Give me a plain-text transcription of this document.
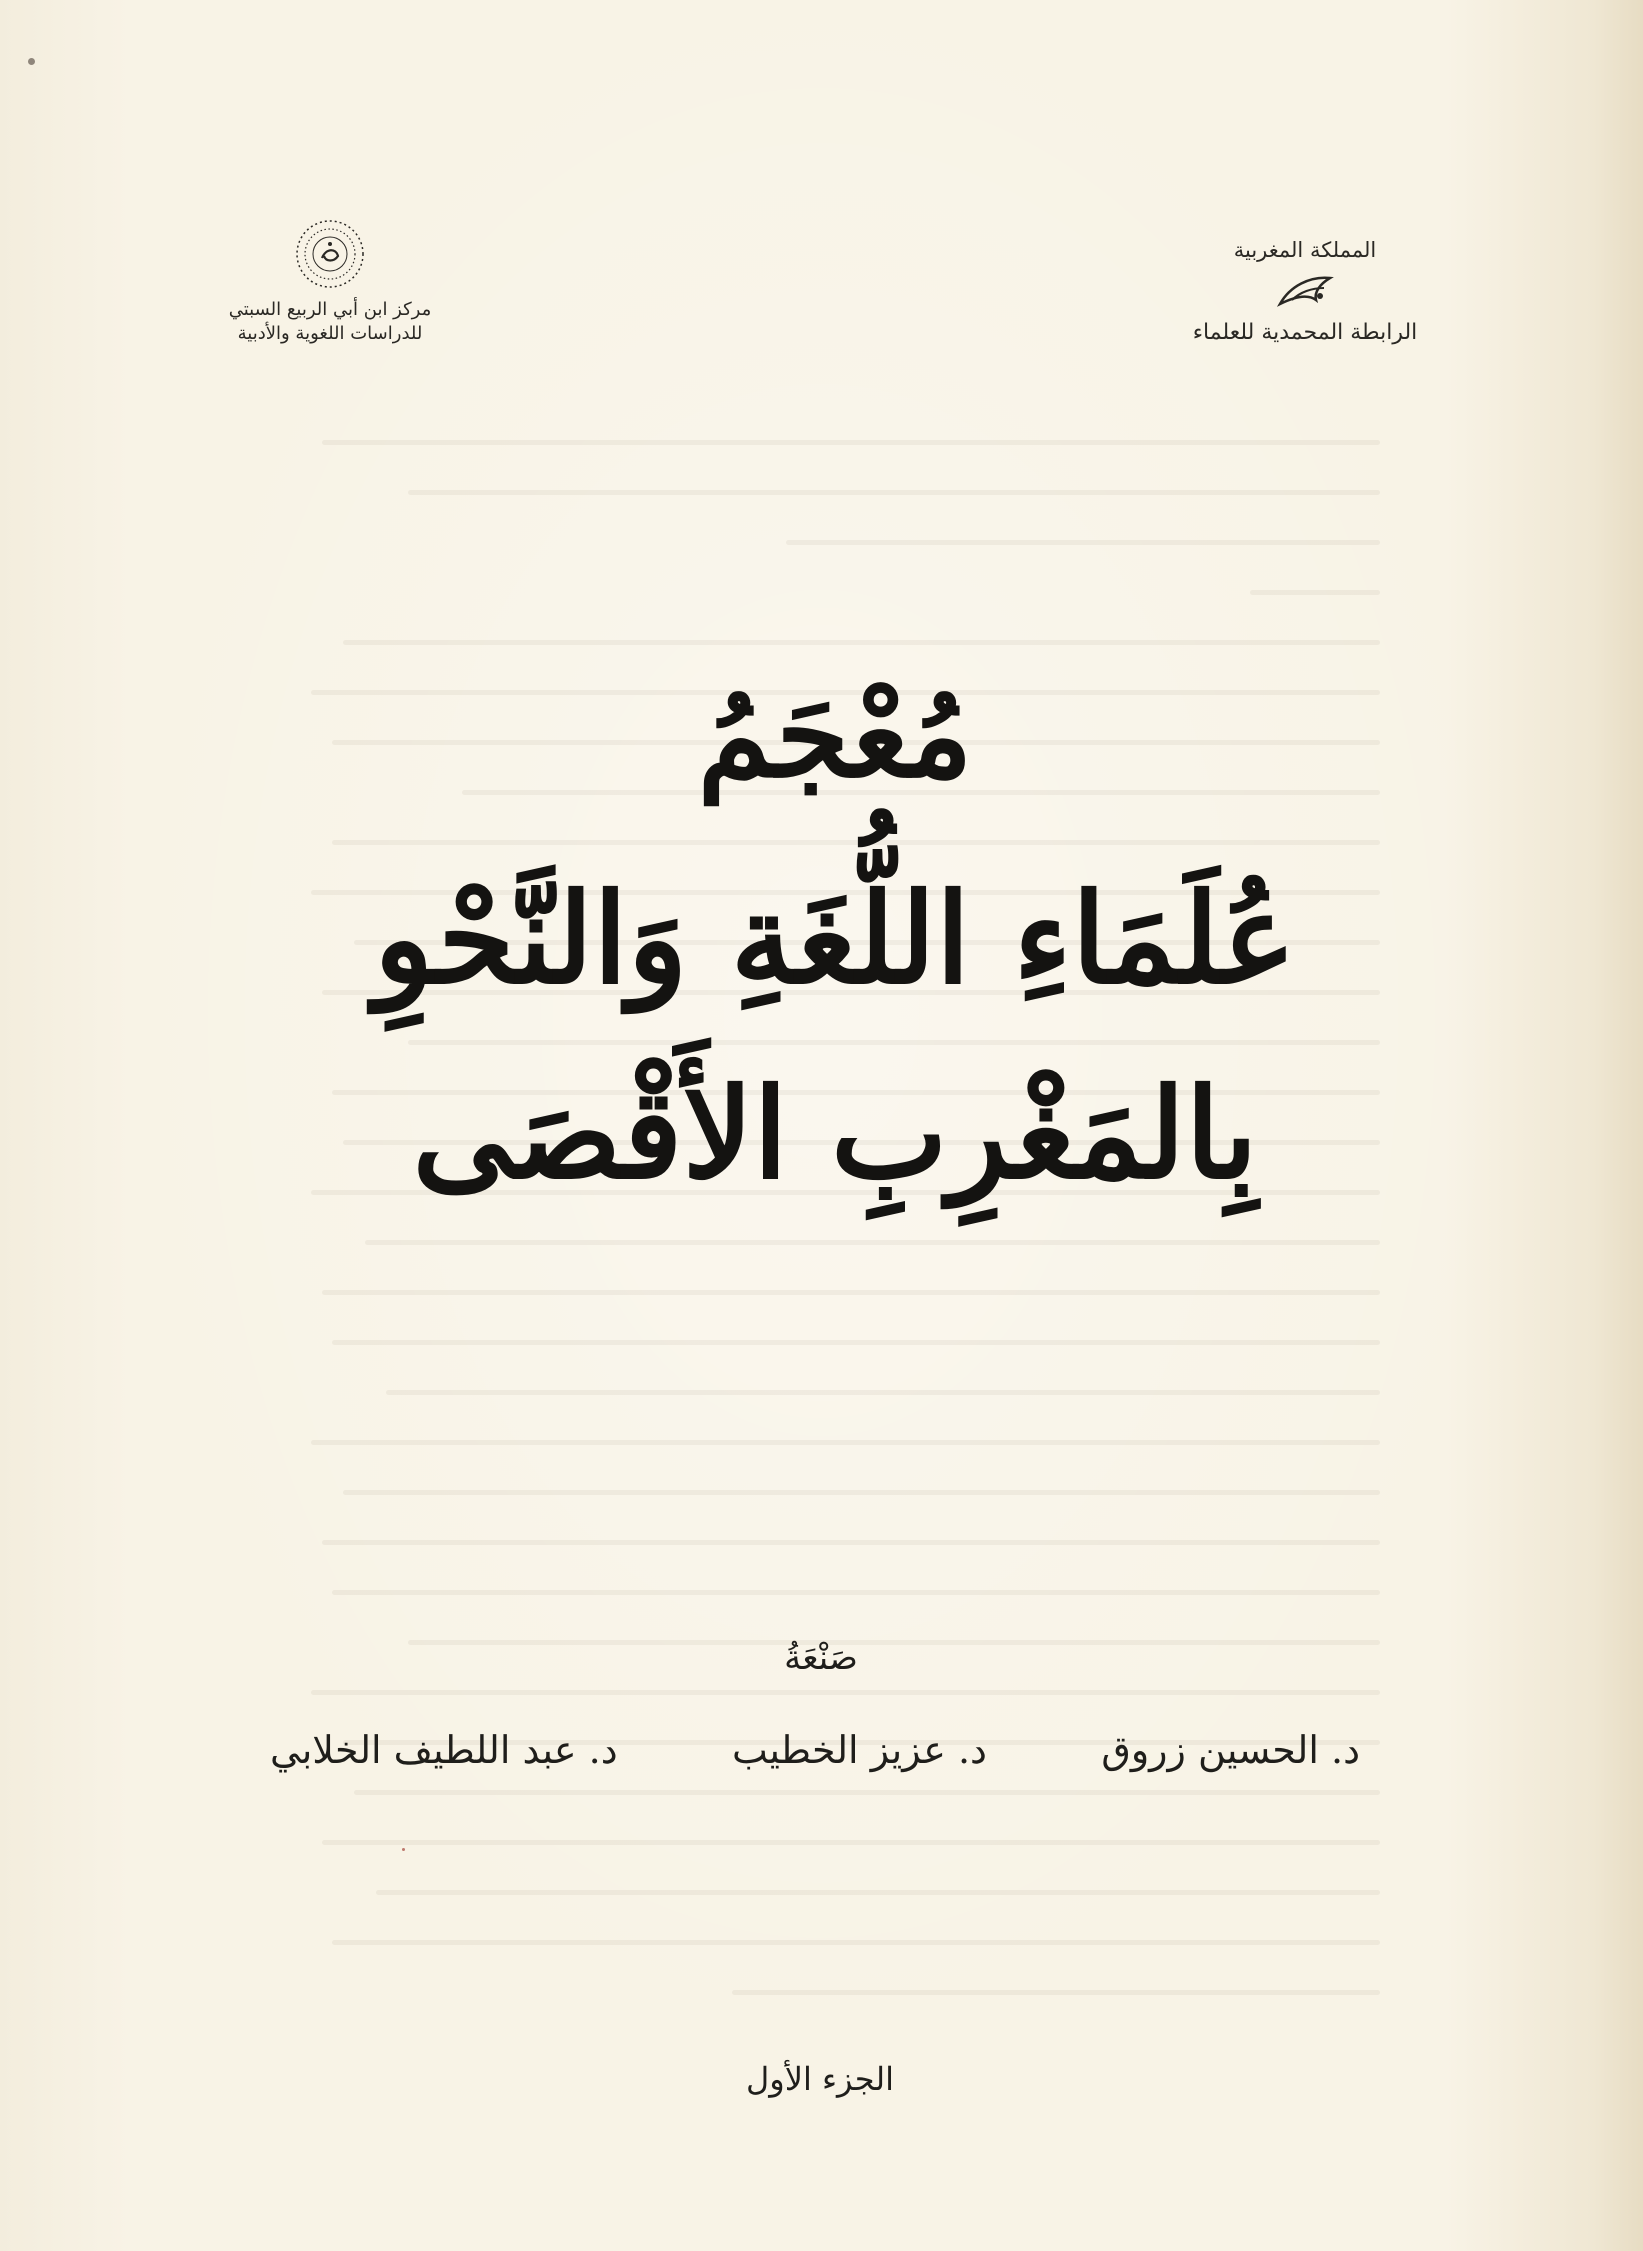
المملكة المغربية
الرابطة المحمدية للعلماء
مركز ابن أبي الربيع السبتي
للدراسات اللغوية والأدبية
مُعْجَمُ
عُلَمَاءِ اللُّغَةِ وَالنَّحْوِ
بِالمَغْرِبِ الأَقْصَى
صَنْعَةُ
د. الحسين زروق
د. عزيز الخطيب
د. عبد اللطيف الخلابي
الجزء الأول
